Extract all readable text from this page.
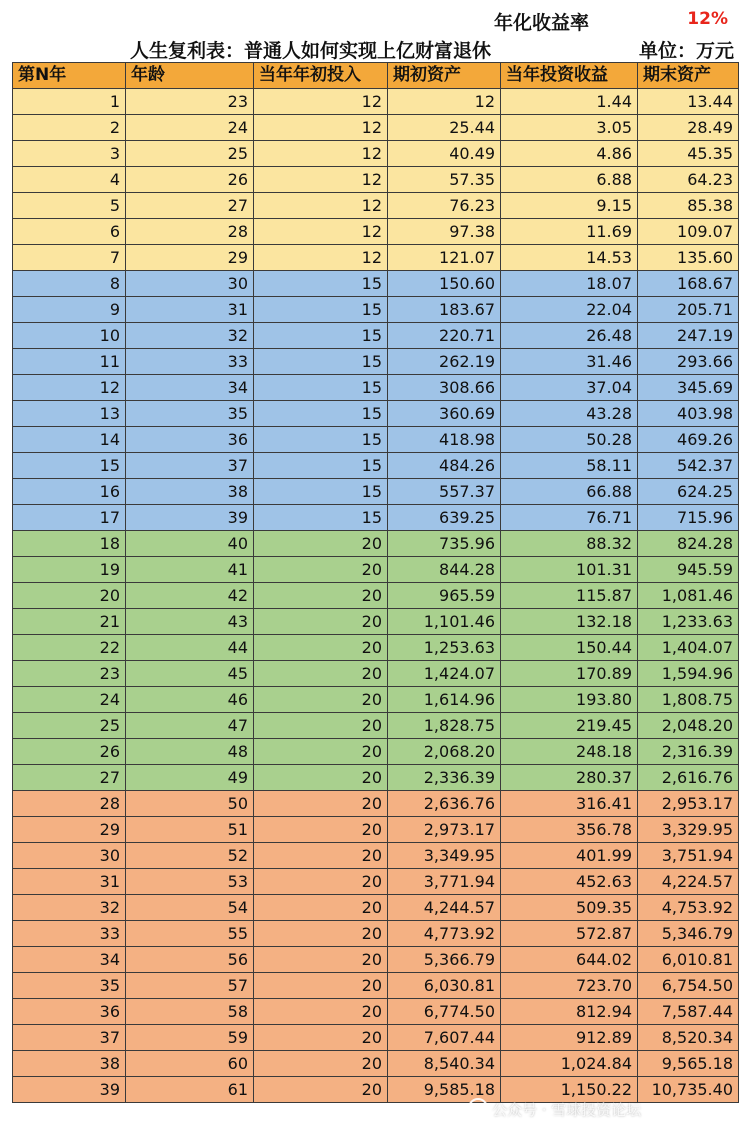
年化收益率	12%
人生复利表：普通人如何实现上亿财富退休	单位：万元
第N年	年龄	当年年初投入	期初资产	当年投资收益	期末资产
1	23	12	12	1.44	13.44
2	24	12	25.44	3.05	28.49
3	25	12	40.49	4.86	45.35
4	26	12	57.35	6.88	64.23
5	27	12	76.23	9.15	85.38
6	28	12	97.38	11.69	109.07
7	29	12	121.07	14.53	135.60
8	30	15	150.60	18.07	168.67
9	31	15	183.67	22.04	205.71
10	32	15	220.71	26.48	247.19
11	33	15	262.19	31.46	293.66
12	34	15	308.66	37.04	345.69
13	35	15	360.69	43.28	403.98
14	36	15	418.98	50.28	469.26
15	37	15	484.26	58.11	542.37
16	38	15	557.37	66.88	624.25
17	39	15	639.25	76.71	715.96
18	40	20	735.96	88.32	824.28
19	41	20	844.28	101.31	945.59
20	42	20	965.59	115.87	1,081.46
21	43	20	1,101.46	132.18	1,233.63
22	44	20	1,253.63	150.44	1,404.07
23	45	20	1,424.07	170.89	1,594.96
24	46	20	1,614.96	193.80	1,808.75
25	47	20	1,828.75	219.45	2,048.20
26	48	20	2,068.20	248.18	2,316.39
27	49	20	2,336.39	280.37	2,616.76
28	50	20	2,636.76	316.41	2,953.17
29	51	20	2,973.17	356.78	3,329.95
30	52	20	3,349.95	401.99	3,751.94
31	53	20	3,771.94	452.63	4,224.57
32	54	20	4,244.57	509.35	4,753.92
33	55	20	4,773.92	572.87	5,346.79
34	56	20	5,366.79	644.02	6,010.81
35	57	20	6,030.81	723.70	6,754.50
36	58	20	6,774.50	812.94	7,587.44
37	59	20	7,607.44	912.89	8,520.34
38	60	20	8,540.34	1,024.84	9,565.18
39	61	20	9,585.18	1,150.22	10,735.40
公众号 · 雪球投资论坛
